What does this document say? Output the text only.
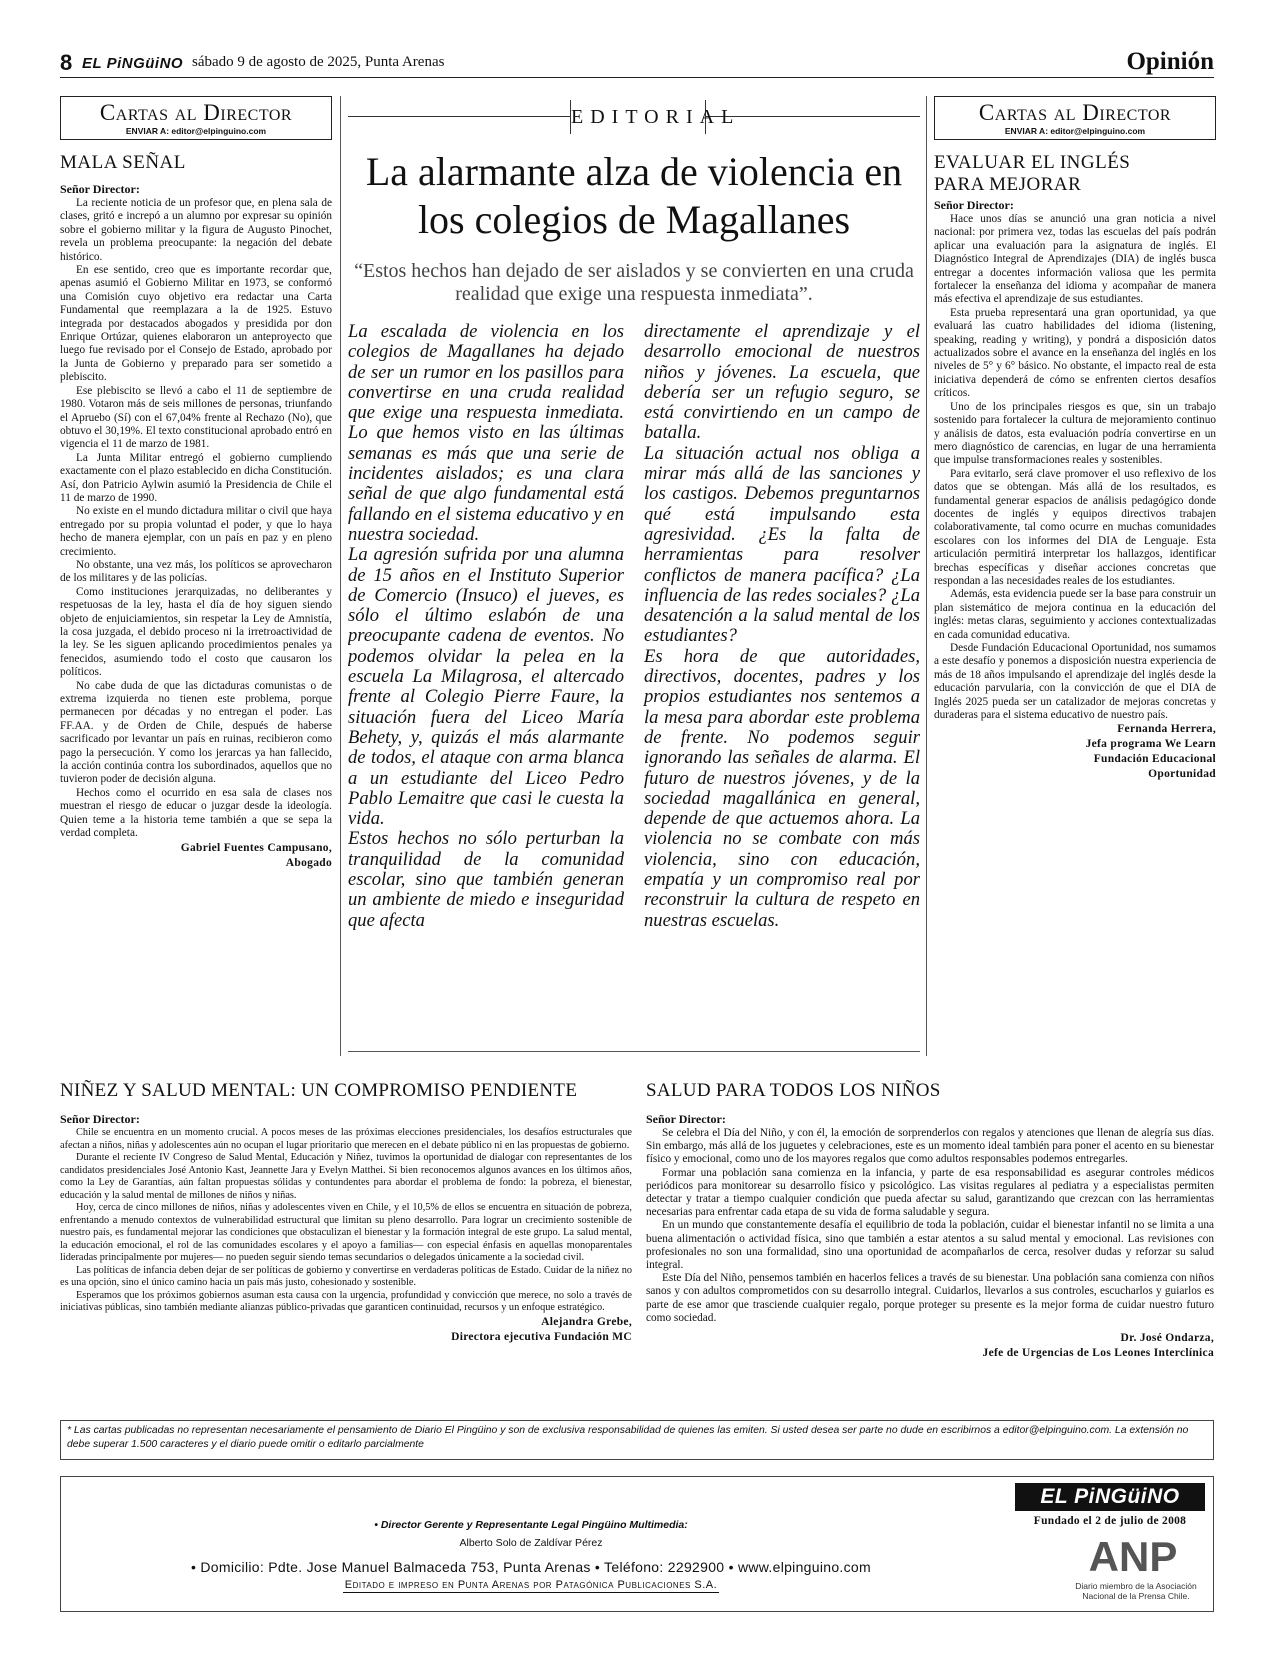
8 EL PiNGüiNO sábado 9 de agosto de 2025, Punta Arenas	Opinión
Cartas al Director
ENVIAR A: editor@elpinguino.com
MALA SEÑAL
Señor Director:

La reciente noticia de un profesor que, en plena sala de clases, gritó e increpó a un alumno por expresar su opinión sobre el gobierno militar y la figura de Augusto Pinochet, revela un problema preocupante: la negación del debate histórico.

En ese sentido, creo que es importante recordar que, apenas asumió el Gobierno Militar en 1973, se conformó una Comisión cuyo objetivo era redactar una Carta Fundamental que reemplazara a la de 1925. Estuvo integrada por destacados abogados y presidida por don Enrique Ortúzar, quienes elaboraron un anteproyecto que luego fue revisado por el Consejo de Estado, aprobado por la Junta de Gobierno y preparado para ser sometido a plebiscito.

Ese plebiscito se llevó a cabo el 11 de septiembre de 1980. Votaron más de seis millones de personas, triunfando el Apruebo (Sí) con el 67,04% frente al Rechazo (No), que obtuvo el 30,19%. El texto constitucional aprobado entró en vigencia el 11 de marzo de 1981.

La Junta Militar entregó el gobierno cumpliendo exactamente con el plazo establecido en dicha Constitución. Así, don Patricio Aylwin asumió la Presidencia de Chile el 11 de marzo de 1990.

No existe en el mundo dictadura militar o civil que haya entregado por su propia voluntad el poder, y que lo haya hecho de manera ejemplar, con un país en paz y en pleno crecimiento.

No obstante, una vez más, los políticos se aprovecharon de los militares y de las policías.

Como instituciones jerarquizadas, no deliberantes y respetuosas de la ley, hasta el día de hoy siguen siendo objeto de enjuiciamientos, sin respetar la Ley de Amnistía, la cosa juzgada, el debido proceso ni la irretroactividad de la ley. Se les siguen aplicando procedimientos penales ya fenecidos, asumiendo todo el costo que causaron los políticos.

No cabe duda de que las dictaduras comunistas o de extrema izquierda no tienen este problema, porque permanecen por décadas y no entregan el poder. Las FF.AA. y de Orden de Chile, después de haberse sacrificado por levantar un país en ruinas, recibieron como pago la persecución. Y como los jerarcas ya han fallecido, la acción continúa contra los subordinados, aquellos que no tuvieron poder de decisión alguna.

Hechos como el ocurrido en esa sala de clases nos muestran el riesgo de educar o juzgar desde la ideología. Quien teme a la historia teme también a que se sepa la verdad completa.

Gabriel Fuentes Campusano,
Abogado
EDITORIAL
La alarmante alza de violencia en los colegios de Magallanes
“Estos hechos han dejado de ser aislados y se convierten en una cruda realidad que exige una respuesta inmediata”.
La escalada de violencia en los colegios de Magallanes ha dejado de ser un rumor en los pasillos para convertirse en una cruda realidad que exige una respuesta inmediata. Lo que hemos visto en las últimas semanas es más que una serie de incidentes aislados; es una clara señal de que algo fundamental está fallando en el sistema educativo y en nuestra sociedad.
La agresión sufrida por una alumna de 15 años en el Instituto Superior de Comercio (Insuco) el jueves, es sólo el último eslabón de una preocupante cadena de eventos. No podemos olvidar la pelea en la escuela La Milagrosa, el altercado frente al Colegio Pierre Faure, la situación fuera del Liceo María Behety, y, quizás el más alarmante de todos, el ataque con arma blanca a un estudiante del Liceo Pedro Pablo Lemaitre que casi le cuesta la vida.
Estos hechos no sólo perturban la tranquilidad de la comunidad escolar, sino que también generan un ambiente de miedo e inseguridad que afecta
directamente el aprendizaje y el desarrollo emocional de nuestros niños y jóvenes. La escuela, que debería ser un refugio seguro, se está convirtiendo en un campo de batalla.
La situación actual nos obliga a mirar más allá de las sanciones y los castigos. Debemos preguntarnos qué está impulsando esta agresividad. ¿Es la falta de herramientas para resolver conflictos de manera pacífica? ¿La influencia de las redes sociales? ¿La desatención a la salud mental de los estudiantes?
Es hora de que autoridades, directivos, docentes, padres y los propios estudiantes nos sentemos a la mesa para abordar este problema de frente. No podemos seguir ignorando las señales de alarma. El futuro de nuestros jóvenes, y de la sociedad magallánica en general, depende de que actuemos ahora. La violencia no se combate con más violencia, sino con educación, empatía y un compromiso real por reconstruir la cultura de respeto en nuestras escuelas.
Cartas al Director
ENVIAR A: editor@elpinguino.com
EVALUAR EL INGLÉS
PARA MEJORAR
Señor Director:

Hace unos días se anunció una gran noticia a nivel nacional: por primera vez, todas las escuelas del país podrán aplicar una evaluación para la asignatura de inglés. El Diagnóstico Integral de Aprendizajes (DIA) de inglés busca entregar a docentes información valiosa que les permita fortalecer la enseñanza del idioma y acompañar de manera más efectiva el aprendizaje de sus estudiantes.

Esta prueba representará una gran oportunidad, ya que evaluará las cuatro habilidades del idioma (listening, speaking, reading y writing), y pondrá a disposición datos actualizados sobre el avance en la enseñanza del inglés en los niveles de 5° y 6° básico. No obstante, el impacto real de esta iniciativa dependerá de cómo se enfrenten ciertos desafíos críticos.

Uno de los principales riesgos es que, sin un trabajo sostenido para fortalecer la cultura de mejoramiento continuo y análisis de datos, esta evaluación podría convertirse en un mero diagnóstico de carencias, en lugar de una herramienta que impulse transformaciones reales y sostenibles.

Para evitarlo, será clave promover el uso reflexivo de los datos que se obtengan. Más allá de los resultados, es fundamental generar espacios de análisis pedagógico donde docentes de inglés y equipos directivos trabajen colaborativamente, tal como ocurre en muchas comunidades escolares con los informes del DIA de Lenguaje. Esta articulación permitirá interpretar los hallazgos, identificar brechas específicas y diseñar acciones concretas que respondan a las necesidades reales de los estudiantes.

Además, esta evidencia puede ser la base para construir un plan sistemático de mejora continua en la educación del inglés: metas claras, seguimiento y acciones contextualizadas en cada comunidad educativa.

Desde Fundación Educacional Oportunidad, nos sumamos a este desafío y ponemos a disposición nuestra experiencia de más de 18 años impulsando el aprendizaje del inglés desde la educación parvularia, con la convicción de que el DIA de Inglés 2025 pueda ser un catalizador de mejoras concretas y duraderas para el sistema educativo de nuestro país.

Fernanda Herrera,
Jefa programa We Learn
Fundación Educacional
Oportunidad
NIÑEZ Y SALUD MENTAL: UN COMPROMISO PENDIENTE
Señor Director:

Chile se encuentra en un momento crucial. A pocos meses de las próximas elecciones presidenciales, los desafíos estructurales que afectan a niños, niñas y adolescentes aún no ocupan el lugar prioritario que merecen en el debate público ni en las propuestas de gobierno.

Durante el reciente IV Congreso de Salud Mental, Educación y Niñez, tuvimos la oportunidad de dialogar con representantes de los candidatos presidenciales José Antonio Kast, Jeannette Jara y Evelyn Matthei. Si bien reconocemos algunos avances en los últimos años, como la Ley de Garantías, aún faltan propuestas sólidas y contundentes para abordar el problema de fondo: la pobreza, el bienestar, educación y la salud mental de millones de niños y niñas.

Hoy, cerca de cinco millones de niños, niñas y adolescentes viven en Chile, y el 10,5% de ellos se encuentra en situación de pobreza, enfrentando a menudo contextos de vulnerabilidad estructural que limitan su pleno desarrollo. Para lograr un crecimiento sostenible de nuestro país, es fundamental mejorar las condiciones que obstaculizan el bienestar y la formación integral de este grupo. La salud mental, la educación emocional, el rol de las comunidades escolares y el apoyo a familias— con especial énfasis en aquellas monoparentales lideradas principalmente por mujeres— no pueden seguir siendo temas secundarios o delegados únicamente a la sociedad civil.

Las políticas de infancia deben dejar de ser políticas de gobierno y convertirse en verdaderas políticas de Estado. Cuidar de la niñez no es una opción, sino el único camino hacia un país más justo, cohesionado y sostenible.

Esperamos que los próximos gobiernos asuman esta causa con la urgencia, profundidad y convicción que merece, no solo a través de iniciativas públicas, sino también mediante alianzas público-privadas que garanticen continuidad, recursos y un enfoque estratégico.

Alejandra Grebe,
Directora ejecutiva Fundación MC
SALUD PARA TODOS LOS NIÑOS
Señor Director:

Se celebra el Día del Niño, y con él, la emoción de sorprenderlos con regalos y atenciones que llenan de alegría sus días. Sin embargo, más allá de los juguetes y celebraciones, este es un momento ideal también para poner el acento en su bienestar físico y emocional, como uno de los mayores regalos que como adultos responsables podemos entregarles.

Formar una población sana comienza en la infancia, y parte de esa responsabilidad es asegurar controles médicos periódicos para monitorear su desarrollo físico y psicológico. Las visitas regulares al pediatra y a especialistas permiten detectar y tratar a tiempo cualquier condición que pueda afectar su salud, garantizando que crezcan con las herramientas necesarias para enfrentar cada etapa de su vida de forma saludable y segura.

En un mundo que constantemente desafía el equilibrio de toda la población, cuidar el bienestar infantil no se limita a una buena alimentación o actividad física, sino que también a estar atentos a su salud mental y emocional. Las revisiones con profesionales no son una formalidad, sino una oportunidad de acompañarlos de cerca, resolver dudas y reforzar su salud integral.

Este Día del Niño, pensemos también en hacerlos felices a través de su bienestar. Una población sana comienza con niños sanos y con adultos comprometidos con su desarrollo integral. Cuidarlos, llevarlos a sus controles, escucharlos y guiarlos es parte de ese amor que trasciende cualquier regalo, porque proteger su presente es la mejor forma de cuidar nuestro futuro como sociedad.

Dr. José Ondarza,
Jefe de Urgencias de Los Leones Interclínica
* Las cartas publicadas no representan necesariamente el pensamiento de Diario El Pingüino y son de exclusiva responsabilidad de quienes las emiten. Si usted desea ser parte no dude en escribirnos a editor@elpinguino.com. La extensión no debe superar 1.500 caracteres y el diario puede omitir o editarlo parcialmente
• Director Gerente y Representante Legal Pingüino Multimedia:
Alberto Solo de Zaldívar Pérez
• Domicilio: Pdte. Jose Manuel Balmaceda 753, Punta Arenas • Teléfono: 2292900 • www.elpinguino.com
Editado e impreso en Punta Arenas por Patagónica Publicaciones S.A.
EL PiNGüiNO
Fundado el 2 de julio de 2008
ANP
Diario miembro de la Asociación
Nacional de la Prensa Chile.
